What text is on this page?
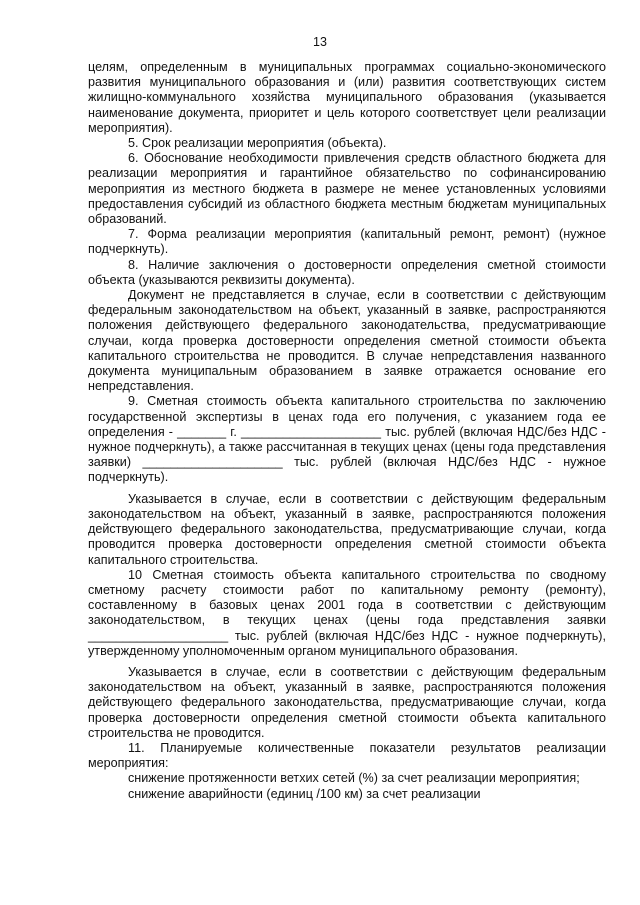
13

целям, определенным в муниципальных программах социально-экономического развития муниципального образования и (или) развития соответствующих систем жилищно-коммунального хозяйства муниципального образования (указывается наименование документа, приоритет и цель которого соответствует цели реализации мероприятия).

5. Срок реализации мероприятия (объекта).

6. Обоснование необходимости привлечения средств областного бюджета для реализации мероприятия и гарантийное обязательство по софинансированию мероприятия из местного бюджета в размере не менее установленных условиями предоставления субсидий из областного бюджета местным бюджетам муниципальных образований.

7. Форма реализации мероприятия (капитальный ремонт, ремонт) (нужное подчеркнуть).

8. Наличие заключения о достоверности определения сметной стоимости объекта (указываются реквизиты документа).

Документ не представляется в случае, если в соответствии с действующим федеральным законодательством на объект, указанный в заявке, распространяются положения действующего федерального законодательства, предусматривающие случаи, когда проверка достоверности определения сметной стоимости объекта капитального строительства не проводится. В случае непредставления названного документа муниципальным образованием в заявке отражается основание его непредставления.

9. Сметная стоимость объекта капитального строительства по заключению государственной экспертизы в ценах года его получения, с указанием года ее определения - _______ г. ____________________ тыс. рублей (включая НДС/без НДС - нужное подчеркнуть), а также рассчитанная в текущих ценах (цены года представления заявки) ____________________ тыс. рублей (включая НДС/без НДС - нужное подчеркнуть).

Указывается в случае, если в соответствии с действующим федеральным законодательством на объект, указанный в заявке, распространяются положения действующего федерального законодательства, предусматривающие случаи, когда проводится проверка достоверности определения сметной стоимости объекта капитального строительства.

10 Сметная стоимость объекта капитального строительства по сводному сметному расчету стоимости работ по капитальному ремонту (ремонту), составленному в базовых ценах 2001 года в соответствии с действующим законодательством, в текущих ценах (цены года представления заявки ____________________ тыс. рублей (включая НДС/без НДС - нужное подчеркнуть), утвержденному уполномоченным органом муниципального образования.

Указывается в случае, если в соответствии с действующим федеральным законодательством на объект, указанный в заявке, распространяются положения действующего федерального законодательства, предусматривающие случаи, когда проверка достоверности определения сметной стоимости объекта капитального строительства не проводится.

11. Планируемые количественные показатели результатов реализации мероприятия:

снижение протяженности ветхих сетей (%) за счет реализации мероприятия;

снижение аварийности (единиц /100 км) за счет реализации
